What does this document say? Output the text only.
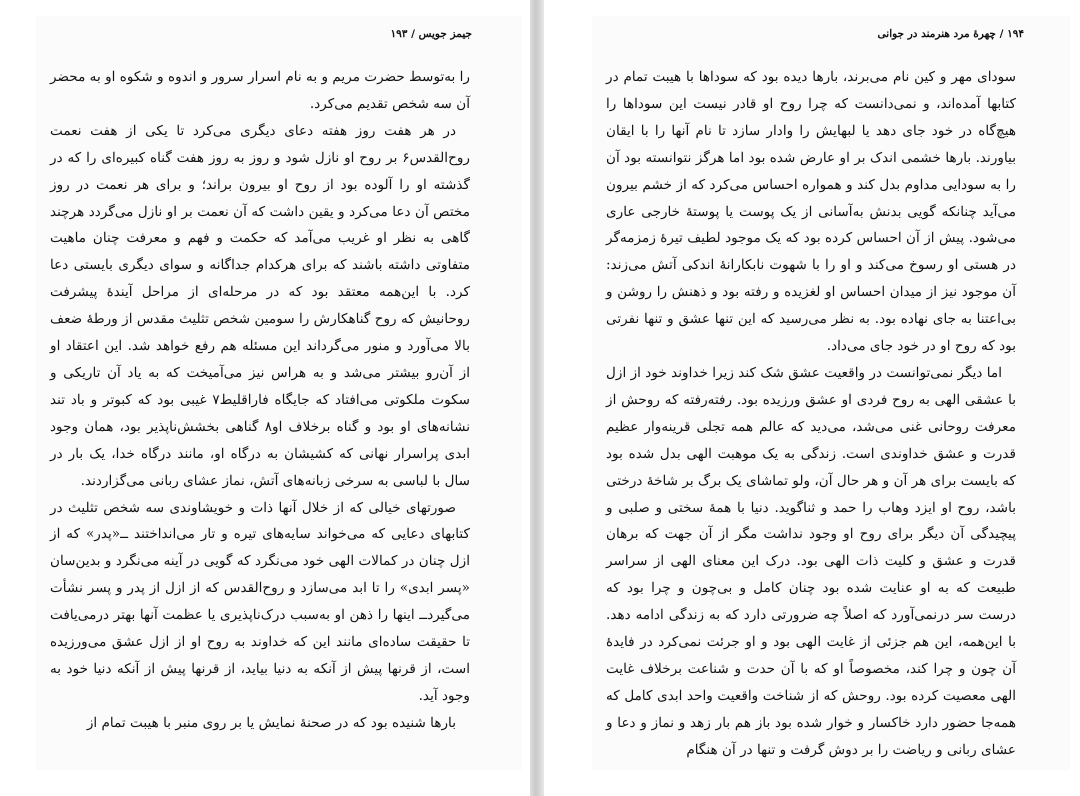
جیمز جویس / ۱۹۳

را به‌توسط حضرت مریم و به نام اسرار سرور و اندوه و شکوه او به محضر آن سه شخص تقدیم می‌کرد.

در هر هفت روز هفته دعای دیگری می‌کرد تا یکی از هفت نعمت روح‌القدس۶ بر روح او نازل شود و روز به روز هفت گناه کبیره‌ای را که در گذشته او را آلوده بود از روح او بیرون براند؛ و برای هر نعمت در روز مختص آن دعا می‌کرد و یقین داشت که آن نعمت بر او نازل می‌گردد هرچند گاهی به نظر او غریب می‌آمد که حکمت و فهم و معرفت چنان ماهیت متفاوتی داشته باشند که برای هرکدام جداگانه و سوای دیگری بایستی دعا کرد. با این‌همه معتقد بود که در مرحله‌ای از مراحل آیندهٔ پیشرفت روحانیش که روح گناهکارش را سومین شخص تثلیث مقدس از ورطهٔ ضعف بالا می‌آورد و منور می‌گرداند این مسئله هم رفع خواهد شد. این اعتقاد او از آن‌رو بیشتر می‌شد و به هراس نیز می‌آمیخت که به یاد آن تاریکی و سکوت ملکوتی می‌افتاد که جایگاه فاراقلیط۷ غیبی بود که کبوتر و باد تند نشانه‌های او بود و گناه برخلاف او۸ گناهی بخشش‌ناپذیر بود، همان وجود ابدی پراسرار نهانی که کشیشان به درگاه او، مانند درگاه خدا، یک بار در سال با لباسی به سرخی زبانه‌های آتش، نماز عشای ربانی می‌گزاردند.

صورتهای خیالی که از خلال آنها ذات و خویشاوندی سه شخص تثلیث در کتابهای دعایی که می‌خواند سایه‌های تیره و تار می‌انداختند ــ«پدر» که از ازل چنان در کمالات الهی خود می‌نگرد که گویی در آینه می‌نگرد و بدین‌سان «پسر ابدی» را تا ابد می‌سازد و روح‌القدس که از ازل از پدر و پسر نشأت می‌گیردــ اینها را ذهن او به‌سبب درک‌ناپذیری یا عظمت آنها بهتر درمی‌یافت تا حقیقت ساده‌ای مانند این که خداوند به روح او از ازل عشق می‌ورزیده است، از قرنها پیش از آنکه به دنیا بیاید، از قرنها پیش از آنکه دنیا خود به وجود آید.

بارها شنیده بود که در صحنهٔ نمایش یا بر روی منبر با هیبت تمام از

۱۹۴ / چهرهٔ مرد هنرمند در جوانی

سودای مهر و کین نام می‌برند، بارها دیده بود که سوداها با هیبت تمام در کتابها آمده‌اند، و نمی‌دانست که چرا روح او قادر نیست این سوداها را هیچ‌گاه در خود جای دهد یا لبهایش را وادار سازد تا نام آنها را با ایقان بیاورند. بارها خشمی اندک بر او عارض شده بود اما هرگز نتوانسته بود آن را به سودایی مداوم بدل کند و همواره احساس می‌کرد که از خشم بیرون می‌آید چنانکه گویی بدنش به‌آسانی از یک پوست یا پوستهٔ خارجی عاری می‌شود. پیش از آن احساس کرده بود که یک موجود لطیف تیرهٔ زمزمه‌گر در هستی او رسوخ می‌کند و او را با شهوت نابکارانهٔ اندکی آتش می‌زند: آن موجود نیز از میدان احساس او لغزیده و رفته بود و ذهنش را روشن و بی‌اعتنا به جای نهاده بود. به نظر می‌رسید که این تنها عشق و تنها نفرتی بود که روح او در خود جای می‌داد.

اما دیگر نمی‌توانست در واقعیت عشق شک کند زیرا خداوند خود از ازل با عشقی الهی به روح فردی او عشق ورزیده بود. رفته‌رفته که روحش از معرفت روحانی غنی می‌شد، می‌دید که عالم همه تجلی قرینه‌وار عظیم قدرت و عشق خداوندی است. زندگی به یک موهبت الهی بدل شده بود که بایست برای هر آن و هر حال آن، ولو تماشای یک برگ بر شاخهٔ درختی باشد، روح او ایزد وهاب را حمد و ثناگوید. دنیا با همهٔ سختی و صلبی و پیچیدگی آن دیگر برای روح او وجود نداشت مگر از آن جهت که برهان قدرت و عشق و کلیت ذات الهی بود. درک این معنای الهی از سراسر طبیعت که به او عنایت شده بود چنان کامل و بی‌چون و چرا بود که درست سر درنمی‌آورد که اصلاً چه ضرورتی دارد که به زندگی ادامه دهد. با این‌همه، این هم جزئی از غایت الهی بود و او جرئت نمی‌کرد در فایدهٔ آن چون و چرا کند، مخصوصاً او که با آن حدت و شناعت برخلاف غایت الهی معصیت کرده بود. روحش که از شناخت واقعیت واحد ابدی کامل که همه‌جا حضور دارد خاکسار و خوار شده بود باز هم بار زهد و نماز و دعا و عشای ربانی و ریاضت را بر دوش گرفت و تنها در آن هنگام
